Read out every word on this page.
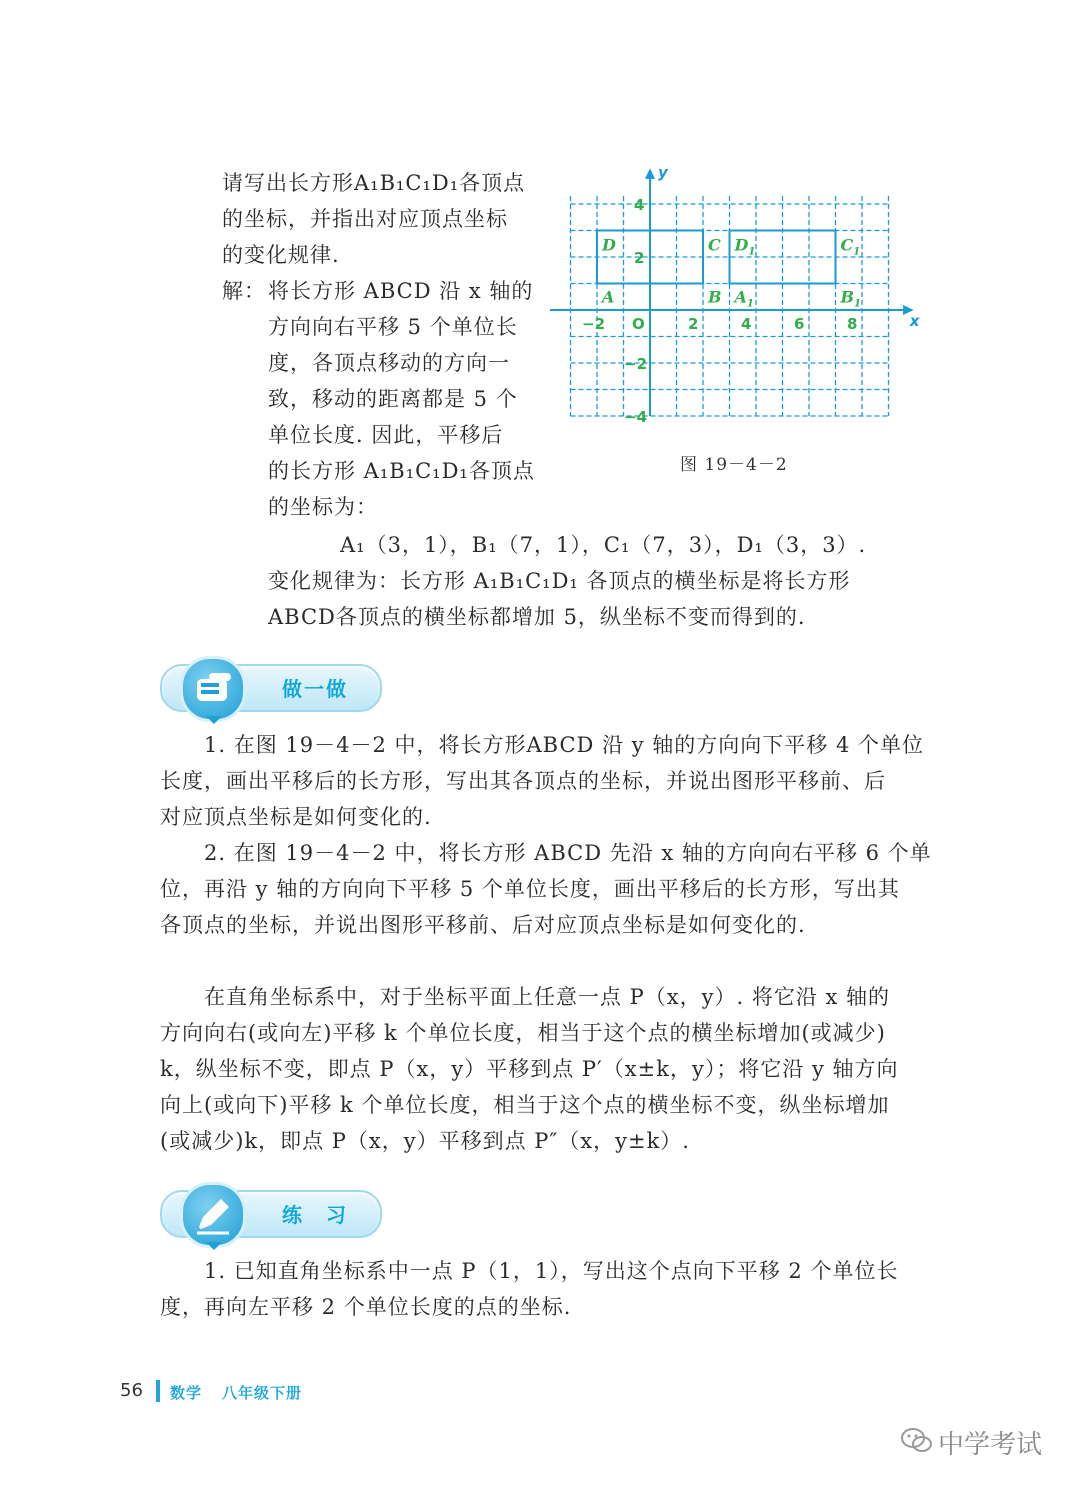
请写出长方形A₁B₁C₁D₁各顶点
的坐标，并指出对应顶点坐标
的变化规律.
解： 将长方形 ABCD 沿 x 轴的
方向向右平移 5 个单位长
度，各顶点移动的方向一
致，移动的距离都是 5 个
单位长度. 因此，平移后
的长方形 A₁B₁C₁D₁各顶点
的坐标为：
A₁（3，1），B₁（7，1），C₁（7，3），D₁（3，3）.
变化规律为：长方形 A₁B₁C₁D₁ 各顶点的横坐标是将长方形
ABCD各顶点的横坐标都增加 5，纵坐标不变而得到的.
x
y
O
−2	2	4	6	8
4
2
−2
−4
A	B
C
D
$A_1$	$B_1$
$C_1$
$D_1$
图 19－4－2
做一做
1. 在图 19－4－2 中，将长方形ABCD 沿 y 轴的方向向下平移 4 个单位
长度，画出平移后的长方形，写出其各顶点的坐标，并说出图形平移前、后
对应顶点坐标是如何变化的.
2. 在图 19－4－2 中，将长方形 ABCD 先沿 x 轴的方向向右平移 6 个单
位，再沿 y 轴的方向向下平移 5 个单位长度，画出平移后的长方形，写出其
各顶点的坐标，并说出图形平移前、后对应顶点坐标是如何变化的.
在直角坐标系中，对于坐标平面上任意一点 P（x，y）. 将它沿 x 轴的
方向向右(或向左)平移 k 个单位长度，相当于这个点的横坐标增加(或减少)
k，纵坐标不变，即点 P（x，y）平移到点 P′（x±k，y）；将它沿 y 轴方向
向上(或向下)平移 k 个单位长度，相当于这个点的横坐标不变，纵坐标增加
(或减少)k，即点 P（x，y）平移到点 P″（x，y±k）.
练　习
1. 已知直角坐标系中一点 P（1，1），写出这个点向下平移 2 个单位长
度，再向左平移 2 个单位长度的点的坐标.
56 数学 八年级下册
中学考试
